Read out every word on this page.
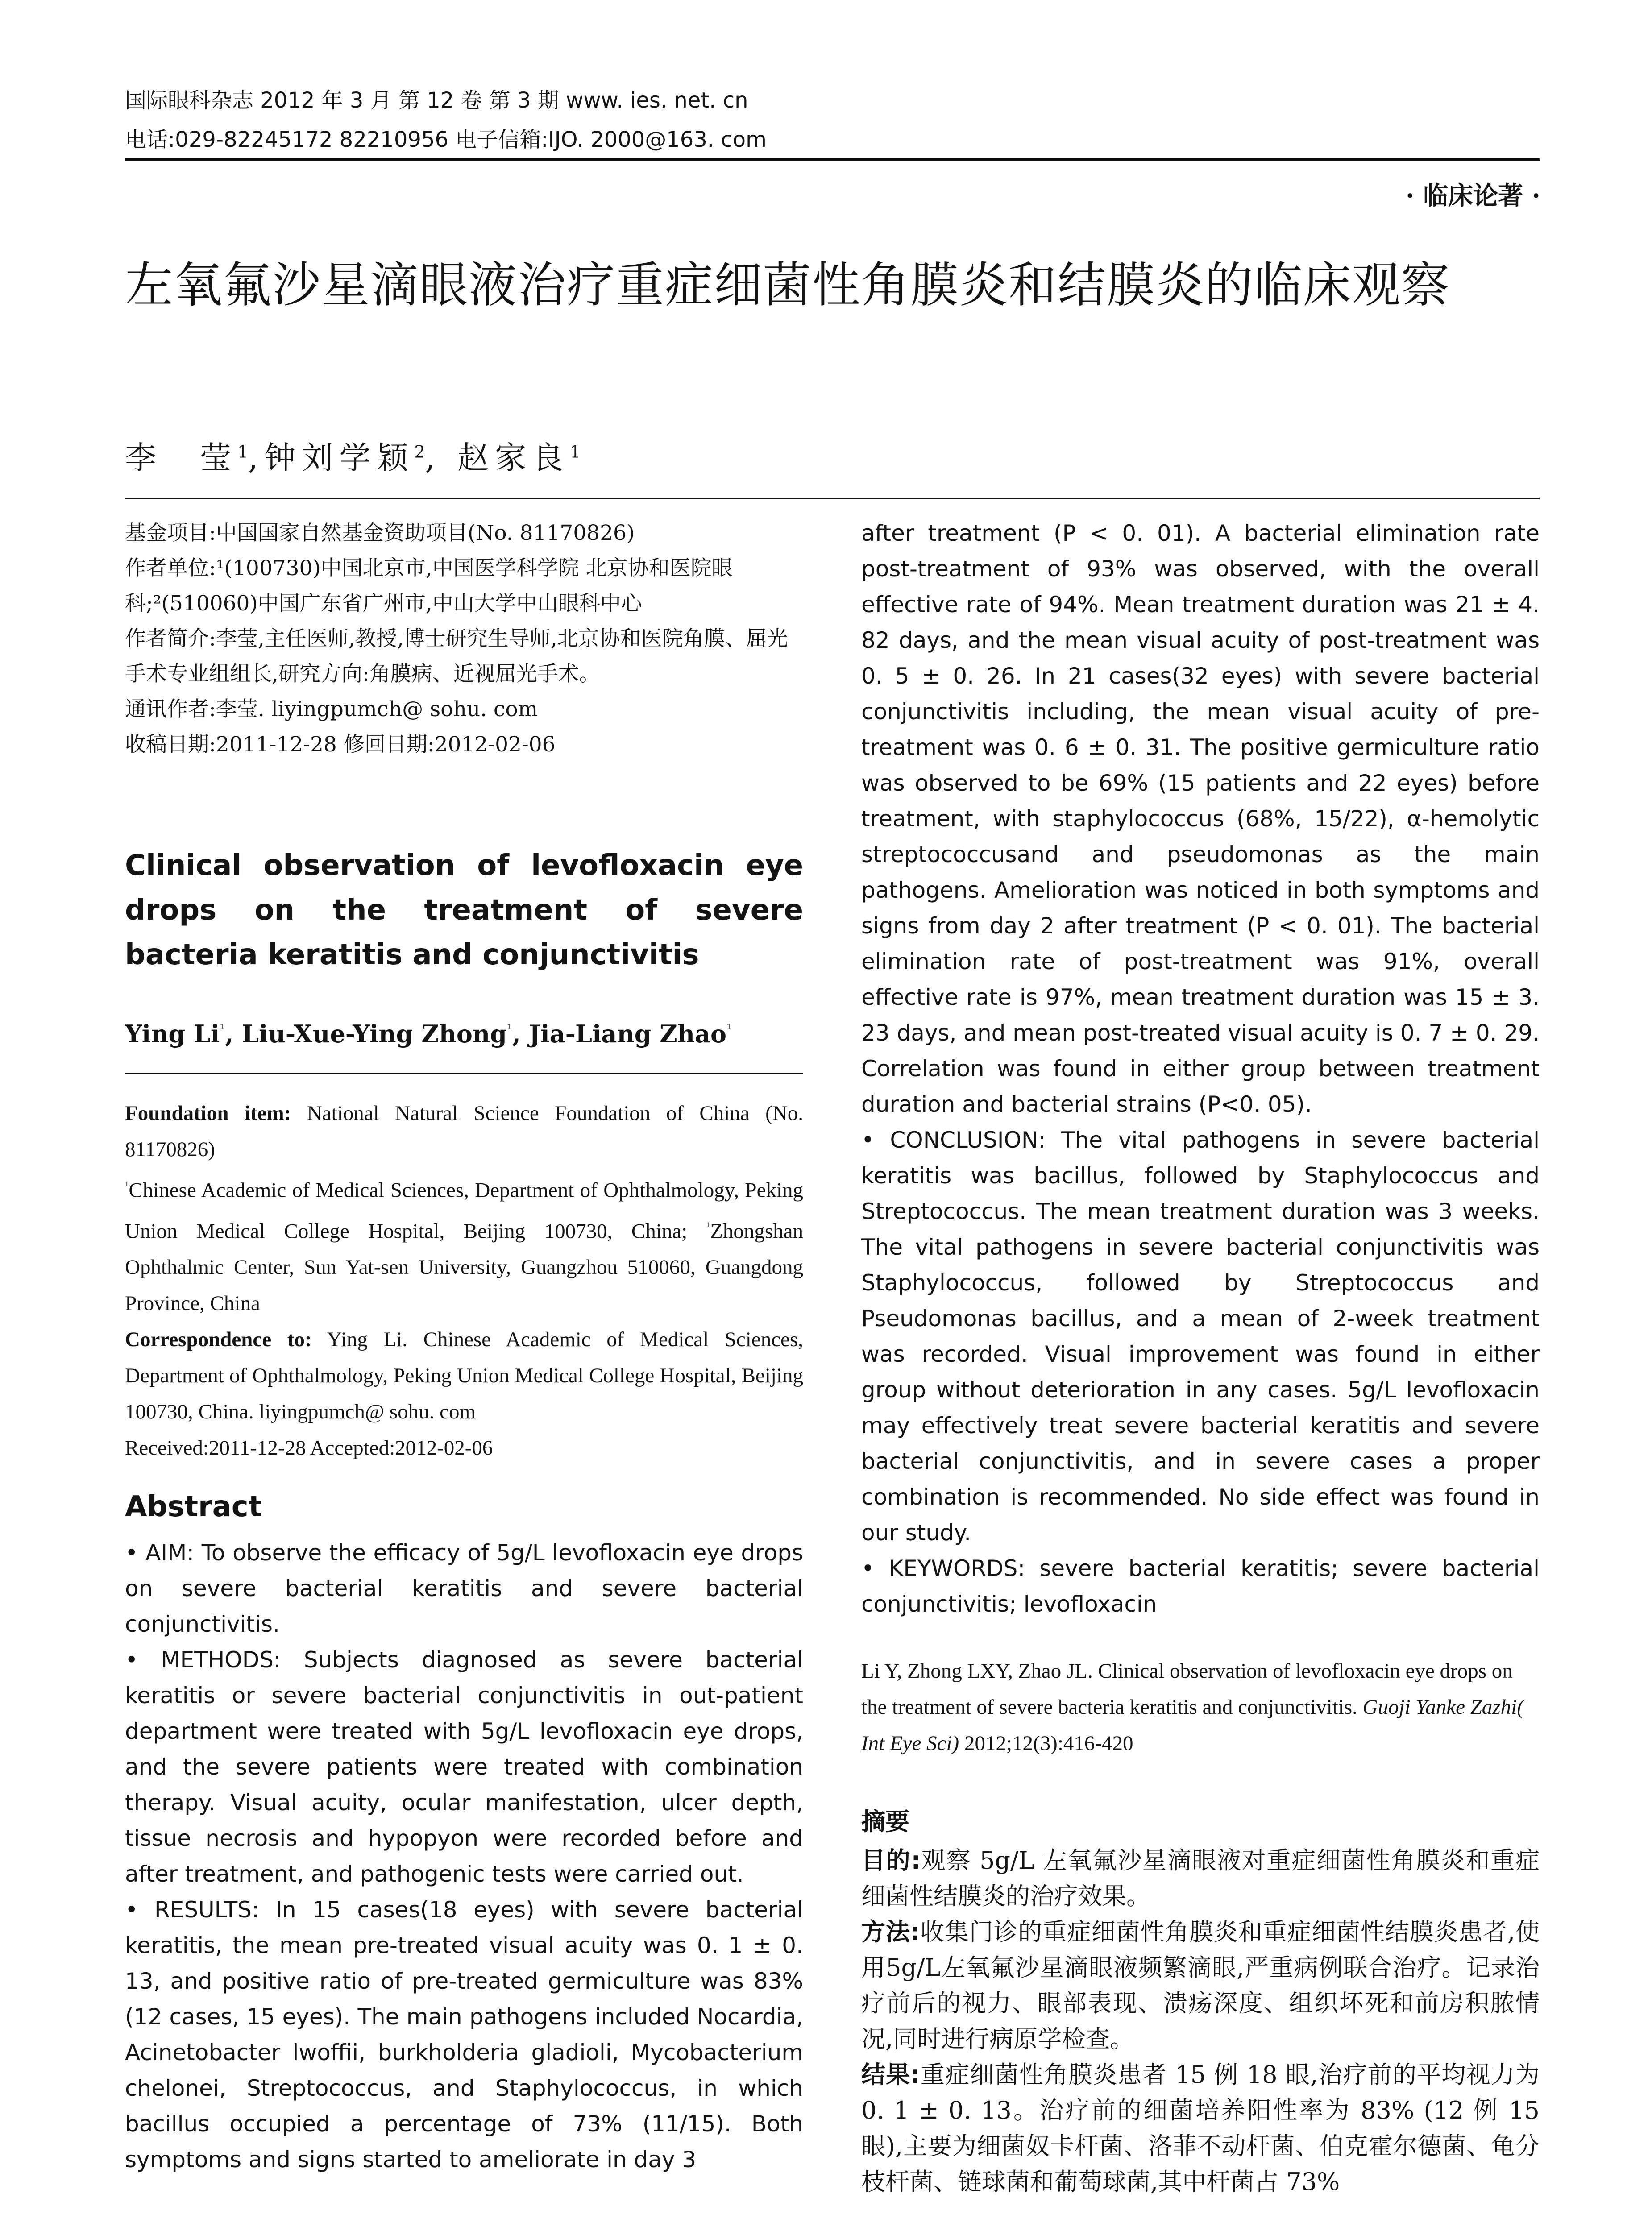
国际眼科杂志 2012 年 3 月 第 12 卷 第 3 期 www. ies. net. cn
电话:029-82245172 82210956 电子信箱:IJO. 2000@163. com
· 临床论著 ·
左氧氟沙星滴眼液治疗重症细菌性角膜炎和结膜炎的临床观察
李　莹$^1$,钟刘学颖$^2$, 赵家良$^1$

基金项目:中国国家自然基金资助项目(No. 81170826)

作者单位:¹(100730)中国北京市,中国医学科学院 北京协和医院眼科;²(510060)中国广东省广州市,中山大学中山眼科中心

作者简介:李莹,主任医师,教授,博士研究生导师,北京协和医院角膜、屈光手术专业组组长,研究方向:角膜病、近视屈光手术。

通讯作者:李莹. liyingpumch@ sohu. com

收稿日期:2011-12-28 修回日期:2012-02-06

Clinical observation of levofloxacin eye drops on the treatment of severe bacteria keratitis and conjunctivitis
Ying $Li^{^1}$, Liu-Xue-Ying Zhong$^{^1}$, Jia-Liang Zhao$^{^1}$

Foundation item: National Natural Science Foundation of China (No. 81170826)

$^{^1}$Chinese Academic of Medical Sciences, Department of Ophthalmology, Peking Union Medical College Hospital, Beijing 100730, China; $^{^1}$Zhongshan Ophthalmic Center, Sun Yat-sen University, Guangzhou 510060, Guangdong Province, China

Correspondence to: Ying Li. Chinese Academic of Medical Sciences, Department of Ophthalmology, Peking Union Medical College Hospital, Beijing 100730, China. liyingpumch@ sohu. com

Received:2011-12-28 Accepted:2012-02-06

Abstract

• AIM: To observe the efficacy of 5g/L levofloxacin eye drops on severe bacterial keratitis and severe bacterial conjunctivitis.

• METHODS: Subjects diagnosed as severe bacterial keratitis or severe bacterial conjunctivitis in out-patient department were treated with 5g/L levofloxacin eye drops, and the severe patients were treated with combination therapy. Visual acuity, ocular manifestation, ulcer depth, tissue necrosis and hypopyon were recorded before and after treatment, and pathogenic tests were carried out.

• RESULTS: In 15 cases(18 eyes) with severe bacterial keratitis, the mean pre-treated visual acuity was 0. 1 ± 0. 13, and positive ratio of pre-treated germiculture was 83% (12 cases, 15 eyes). The main pathogens included Nocardia, Acinetobacter lwoffii, burkholderia gladioli, Mycobacterium chelonei, Streptococcus, and Staphylococcus, in which bacillus occupied a percentage of 73% (11/15). Both symptoms and signs started to ameliorate in day 3

after treatment (P < 0. 01). A bacterial elimination rate post-treatment of 93% was observed, with the overall effective rate of 94%. Mean treatment duration was 21 ± 4. 82 days, and the mean visual acuity of post-treatment was 0. 5 ± 0. 26. In 21 cases(32 eyes) with severe bacterial conjunctivitis including, the mean visual acuity of pre-treatment was 0. 6 ± 0. 31. The positive germiculture ratio was observed to be 69% (15 patients and 22 eyes) before treatment, with staphylococcus (68%, 15/22), α-hemolytic streptococcusand and pseudomonas as the main pathogens. Amelioration was noticed in both symptoms and signs from day 2 after treatment (P < 0. 01). The bacterial elimination rate of post-treatment was 91%, overall effective rate is 97%, mean treatment duration was 15 ± 3. 23 days, and mean post-treated visual acuity is 0. 7 ± 0. 29. Correlation was found in either group between treatment duration and bacterial strains (P<0. 05).

• CONCLUSION: The vital pathogens in severe bacterial keratitis was bacillus, followed by Staphylococcus and Streptococcus. The mean treatment duration was 3 weeks. The vital pathogens in severe bacterial conjunctivitis was Staphylococcus, followed by Streptococcus and Pseudomonas bacillus, and a mean of 2-week treatment was recorded. Visual improvement was found in either group without deterioration in any cases. 5g/L levofloxacin may effectively treat severe bacterial keratitis and severe bacterial conjunctivitis, and in severe cases a proper combination is recommended. No side effect was found in our study.

• KEYWORDS: severe bacterial keratitis; severe bacterial conjunctivitis; levofloxacin

Li Y, Zhong LXY, Zhao JL. Clinical observation of levofloxacin eye drops on the treatment of severe bacteria keratitis and conjunctivitis. Guoji Yanke Zazhi( Int Eye Sci) 2012;12(3):416-420
摘要

目的:观察 5g/L 左氧氟沙星滴眼液对重症细菌性角膜炎和重症细菌性结膜炎的治疗效果。

方法:收集门诊的重症细菌性角膜炎和重症细菌性结膜炎患者,使用5g/L左氧氟沙星滴眼液频繁滴眼,严重病例联合治疗。记录治疗前后的视力、眼部表现、溃疡深度、组织坏死和前房积脓情况,同时进行病原学检查。

结果:重症细菌性角膜炎患者 15 例 18 眼,治疗前的平均视力为 0. 1 ± 0. 13。治疗前的细菌培养阳性率为 83% (12 例 15 眼),主要为细菌奴卡杆菌、洛菲不动杆菌、伯克霍尔德菌、龟分枝杆菌、链球菌和葡萄球菌,其中杆菌占 73%
